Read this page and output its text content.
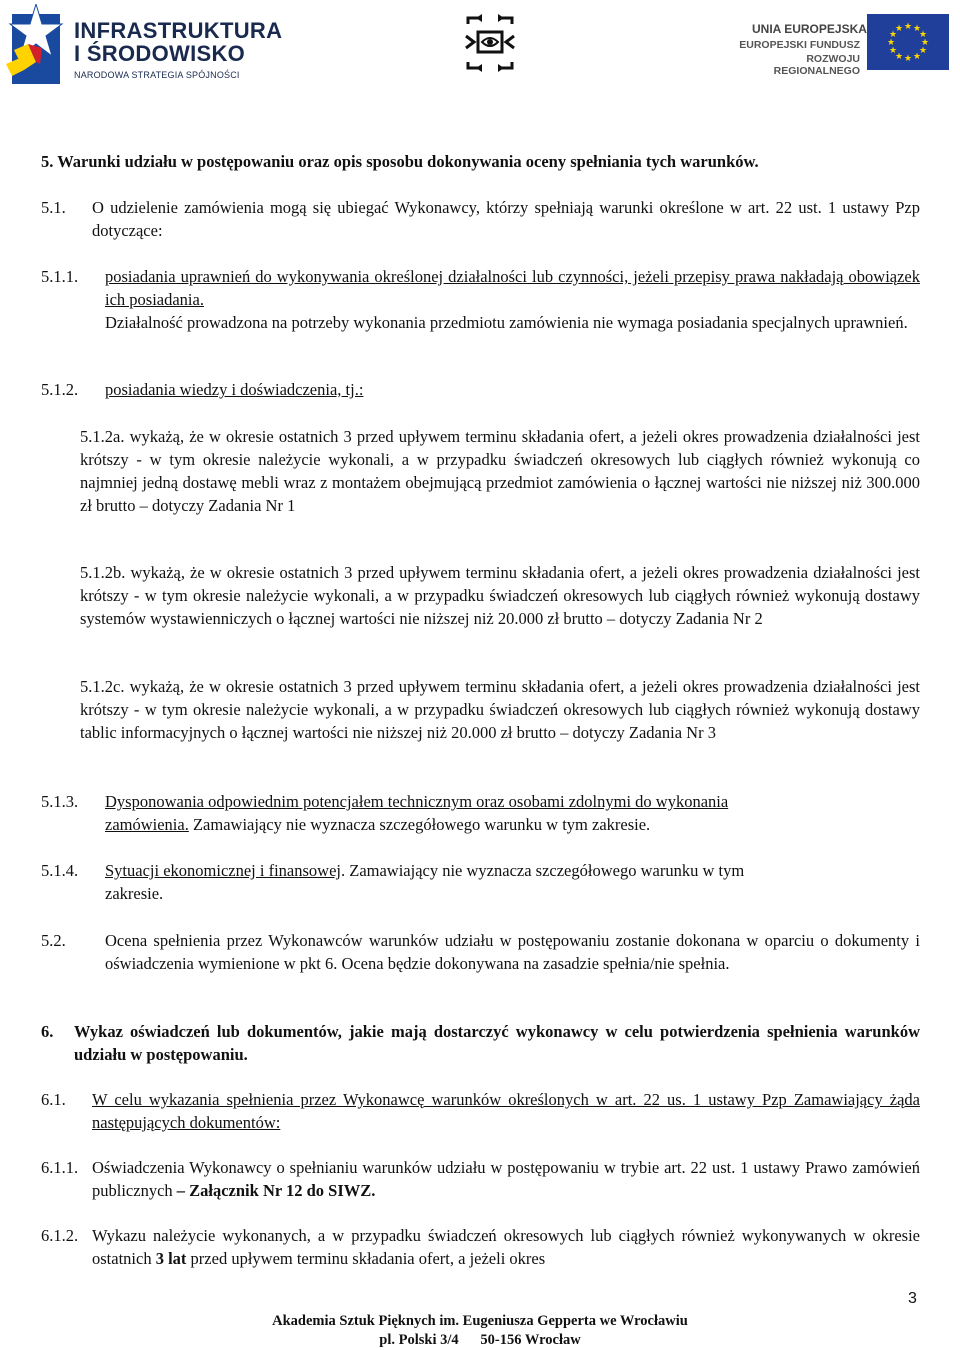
INFRASTRUKTURA
I ŚRODOWISKO
NARODOWA STRATEGIA SPÓJNOŚCI
UNIA EUROPEJSKA
EUROPEJSKI FUNDUSZ
ROZWOJU REGIONALNEGO
★ ★
★
★
★
★
★
★
★
★
★
★
5. Warunki udziału w postępowaniu oraz opis sposobu dokonywania oceny spełniania tych warunków.
5.1. O udzielenie zamówienia mogą się ubiegać Wykonawcy, którzy spełniają warunki określone w art. 22 ust. 1 ustawy Pzp dotyczące:
5.1.1. posiadania uprawnień do wykonywania określonej działalności lub czynności, jeżeli przepisy prawa nakładają obowiązek ich posiadania.
Działalność prowadzona na potrzeby wykonania przedmiotu zamówienia nie wymaga posiadania specjalnych uprawnień.
5.1.2. posiadania wiedzy i doświadczenia, tj.:
5.1.2a. wykażą, że w okresie ostatnich 3 przed upływem terminu składania ofert, a jeżeli okres prowadzenia działalności jest krótszy - w tym okresie należycie wykonali, a w przypadku świadczeń okresowych lub ciągłych również wykonują co najmniej jedną dostawę mebli wraz z montażem obejmującą przedmiot zamówienia o łącznej wartości nie niższej niż 300.000 zł brutto – dotyczy Zadania Nr 1
5.1.2b. wykażą, że w okresie ostatnich 3 przed upływem terminu składania ofert, a jeżeli okres prowadzenia działalności jest krótszy - w tym okresie należycie wykonali, a w przypadku świadczeń okresowych lub ciągłych również wykonują dostawy systemów wystawienniczych o łącznej wartości nie niższej niż 20.000 zł brutto – dotyczy Zadania Nr 2
5.1.2c. wykażą, że w okresie ostatnich 3 przed upływem terminu składania ofert, a jeżeli okres prowadzenia działalności jest krótszy - w tym okresie należycie wykonali, a w przypadku świadczeń okresowych lub ciągłych również wykonują dostawy tablic informacyjnych o łącznej wartości nie niższej niż 20.000 zł brutto – dotyczy Zadania Nr 3
5.1.3. Dysponowania odpowiednim potencjałem technicznym oraz osobami zdolnymi do wykonania
zamówienia. Zamawiający nie wyznacza szczegółowego warunku w tym zakresie.
5.1.4. Sytuacji ekonomicznej i finansowej. Zamawiający nie wyznacza szczegółowego warunku w tym
zakresie.
5.2. Ocena spełnienia przez Wykonawców warunków udziału w postępowaniu zostanie dokonana w oparciu o dokumenty i oświadczenia wymienione w pkt 6. Ocena będzie dokonywana na zasadzie spełnia/nie spełnia.
6. Wykaz oświadczeń lub dokumentów, jakie mają dostarczyć wykonawcy w celu potwierdzenia spełnienia warunków udziału w postępowaniu.
6.1. W celu wykazania spełnienia przez Wykonawcę warunków określonych w art. 22 us. 1 ustawy Pzp Zamawiający żąda następujących dokumentów:
6.1.1. Oświadczenia Wykonawcy o spełnianiu warunków udziału w postępowaniu w trybie art. 22 ust. 1 ustawy Prawo zamówień publicznych – Załącznik Nr 12 do SIWZ.
6.1.2. Wykazu należycie wykonanych, a w przypadku świadczeń okresowych lub ciągłych również wykonywanych w okresie ostatnich 3 lat przed upływem terminu składania ofert, a jeżeli okres
3
Akademia Sztuk Pięknych im. Eugeniusza Gepperta we Wrocławiu
pl. Polski 3/4      50-156 Wrocław
